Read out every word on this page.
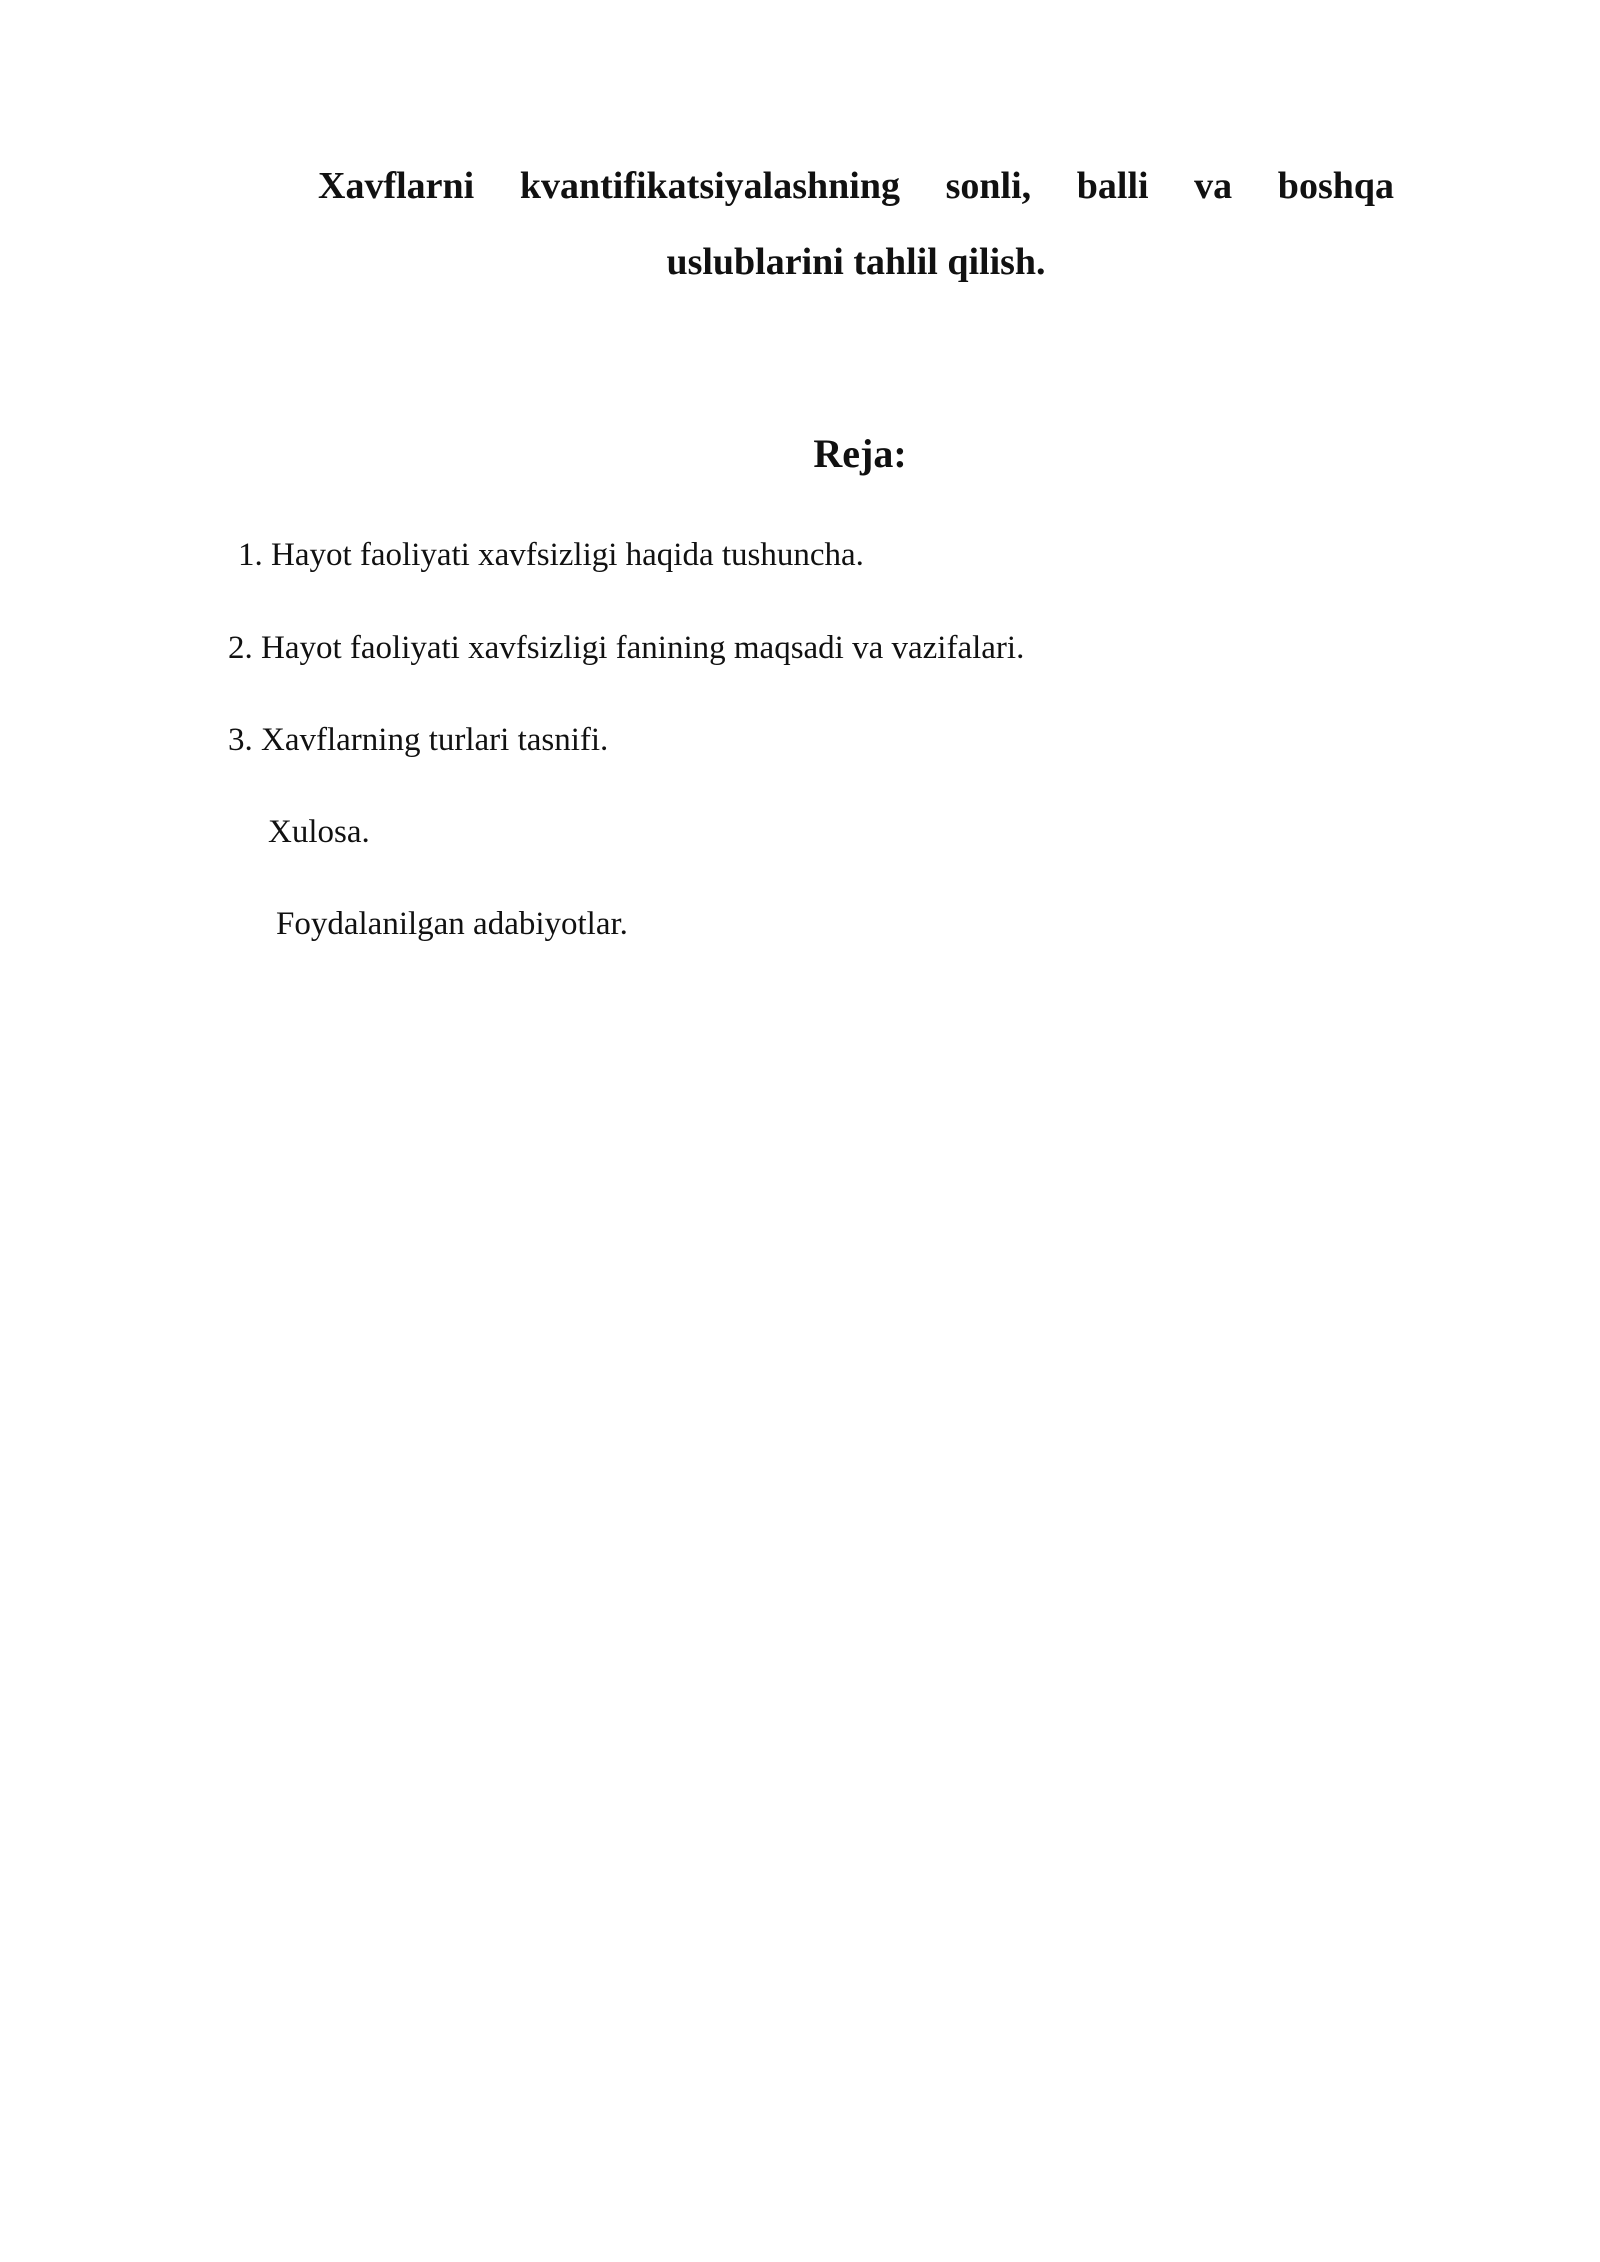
Xavflarni kvantifikatsiyalashning sonli, balli va boshqa
uslublarini tahlil qilish.
Reja:
1. Hayot faoliyati xavfsizligi haqida tushuncha.
2. Hayot faoliyati xavfsizligi fanining maqsadi va vazifalari.
3. Xavflarning turlari tasnifi.
Xulosa.
Foydalanilgan adabiyotlar.
